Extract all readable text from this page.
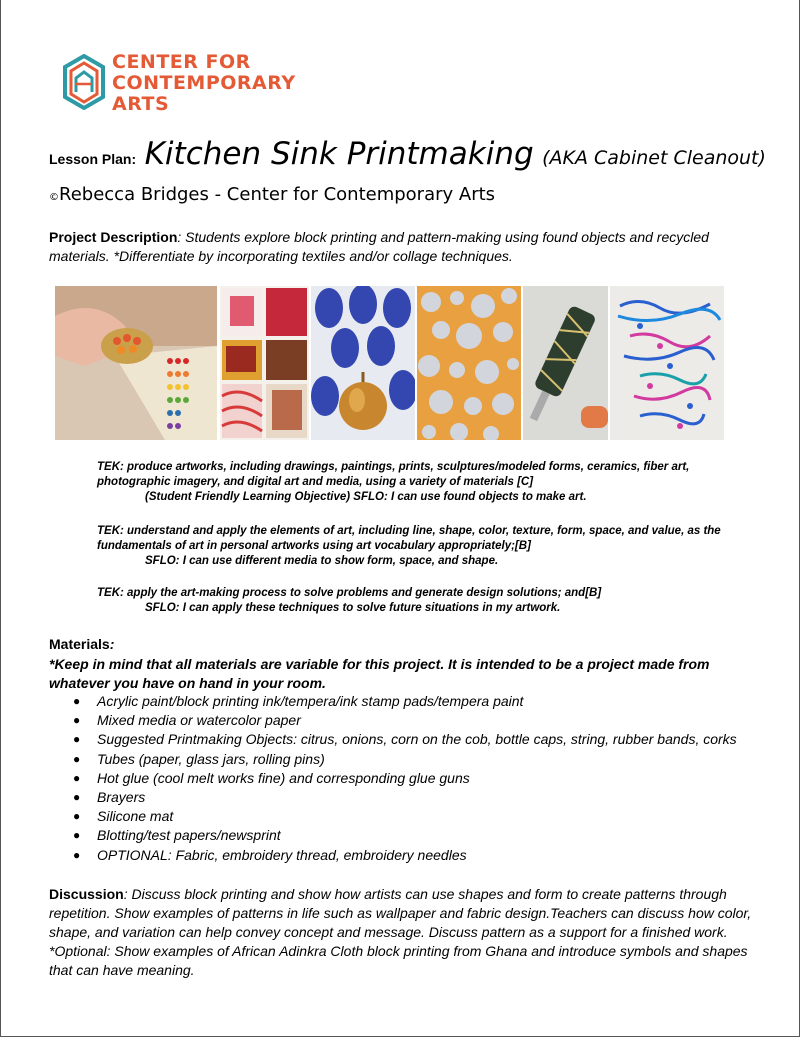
CENTER FOR
CONTEMPORARY
ARTS
Lesson Plan: Kitchen Sink Printmaking (AKA Cabinet Cleanout)
©Rebecca Bridges - Center for Contemporary Arts
Project Description: Students explore block printing and pattern-making using found objects and recycled materials. *Differentiate by incorporating textiles and/or collage techniques.
TEK: produce artworks, including drawings, paintings, prints, sculptures/modeled forms, ceramics, fiber art, photographic imagery, and digital art and media, using a variety of materials [C]
(Student Friendly Learning Objective) SFLO: I can use found objects to make art.
TEK: understand and apply the elements of art, including line, shape, color, texture, form, space, and value, as the fundamentals of art in personal artworks using art vocabulary appropriately;[B]
SFLO: I can use different media to show form, space, and shape.
TEK: apply the art-making process to solve problems and generate design solutions; and[B]
SFLO: I can apply these techniques to solve future situations in my artwork.
Materials:
*Keep in mind that all materials are variable for this project. It is intended to be a project made from whatever you have on hand in your room.
● Acrylic paint/block printing ink/tempera/ink stamp pads/tempera paint
● Mixed media or watercolor paper
● Suggested Printmaking Objects: citrus, onions, corn on the cob, bottle caps, string, rubber bands, corks
● Tubes (paper, glass jars, rolling pins)
● Hot glue (cool melt works fine) and corresponding glue guns
● Brayers
● Silicone mat
● Blotting/test papers/newsprint
● OPTIONAL: Fabric, embroidery thread, embroidery needles
Discussion: Discuss block printing and show how artists can use shapes and form to create patterns through repetition. Show examples of patterns in life such as wallpaper and fabric design.Teachers can discuss how color, shape, and variation can help convey concept and message. Discuss pattern as a support for a finished work. *Optional: Show examples of African Adinkra Cloth block printing from Ghana and introduce symbols and shapes that can have meaning.
